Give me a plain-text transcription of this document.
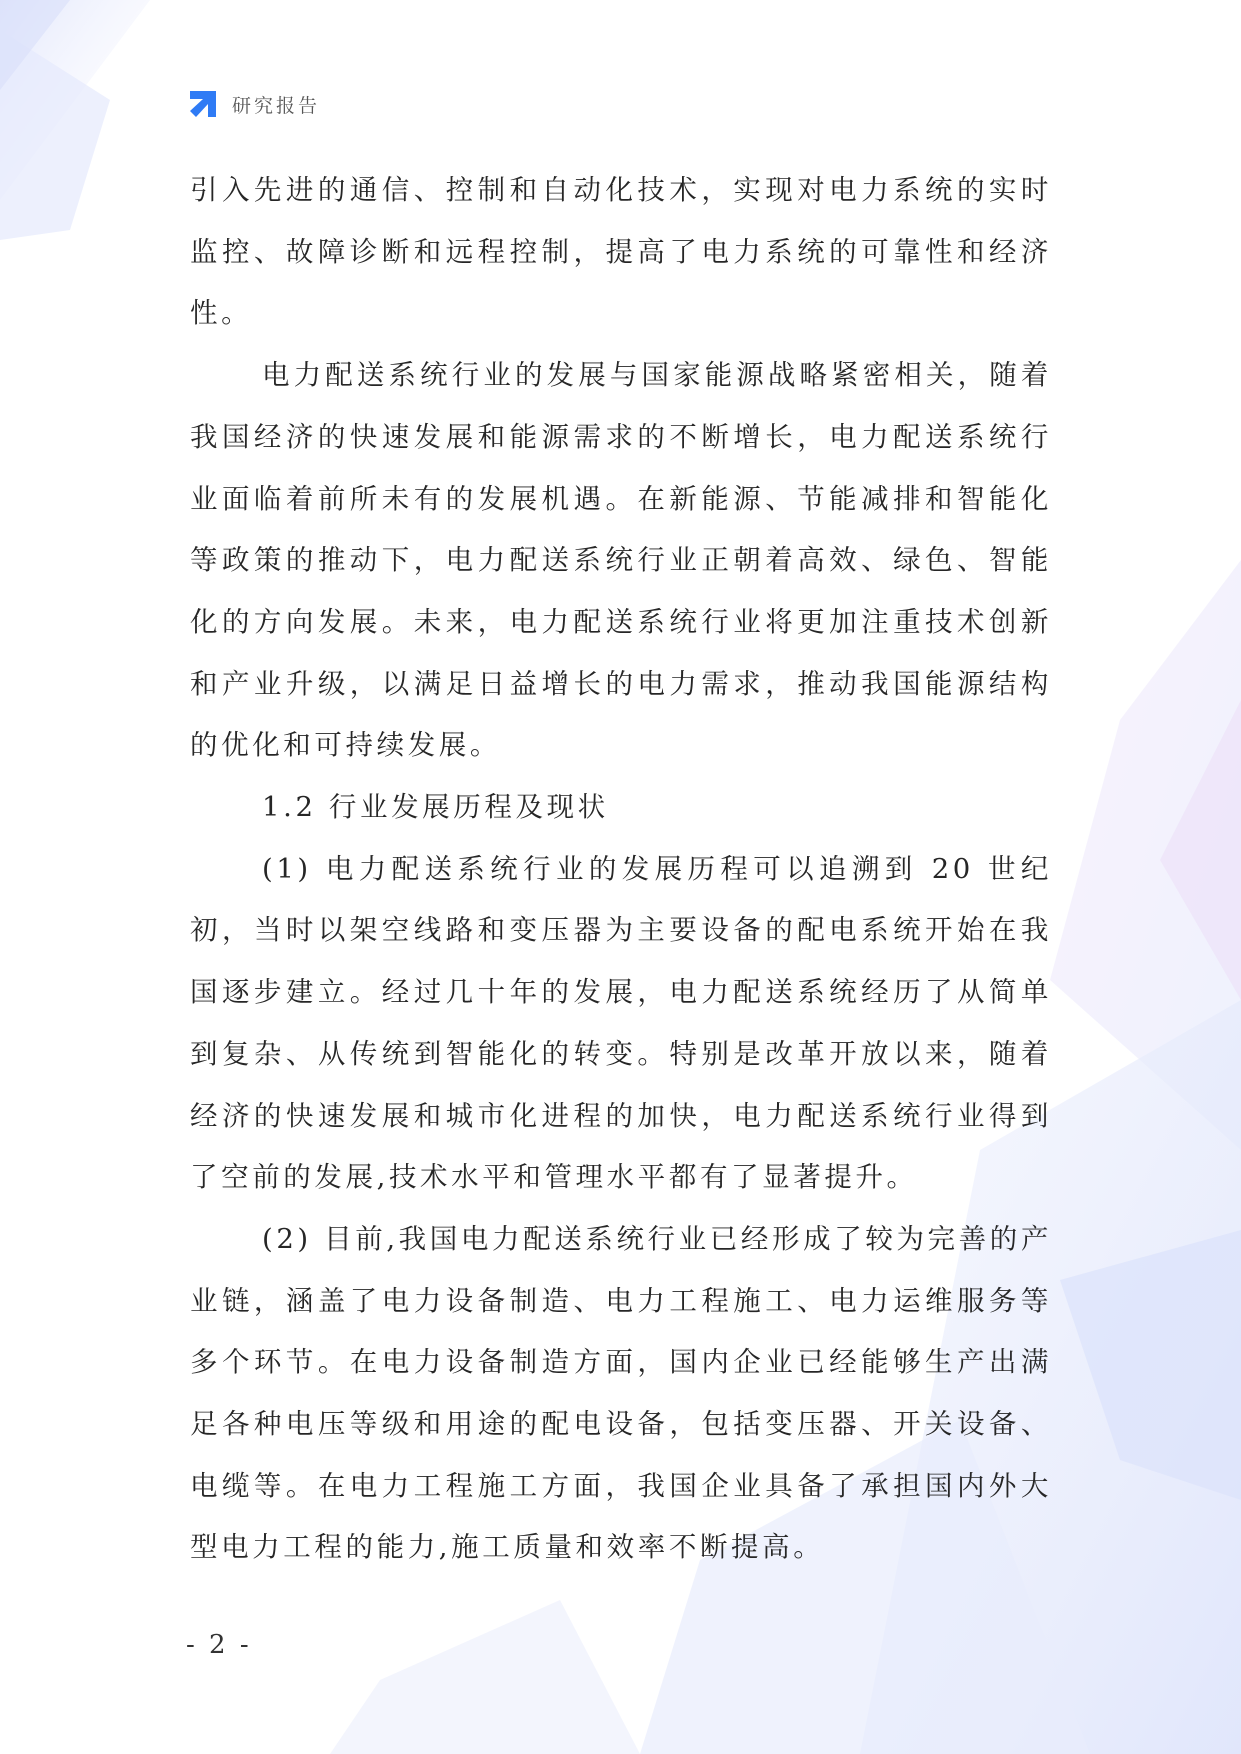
研究报告

引入先进的通信、控制和自动化技术，实现对电力系统的实时监控、故障诊断和远程控制，提高了电力系统的可靠性和经济性。

电力配送系统行业的发展与国家能源战略紧密相关，随着我国经济的快速发展和能源需求的不断增长，电力配送系统行业面临着前所未有的发展机遇。在新能源、节能减排和智能化等政策的推动下，电力配送系统行业正朝着高效、绿色、智能化的方向发展。未来，电力配送系统行业将更加注重技术创新和产业升级，以满足日益增长的电力需求，推动我国能源结构的优化和可持续发展。

1.2 行业发展历程及现状

(1) 电力配送系统行业的发展历程可以追溯到 20 世纪初，当时以架空线路和变压器为主要设备的配电系统开始在我国逐步建立。经过几十年的发展，电力配送系统经历了从简单到复杂、从传统到智能化的转变。特别是改革开放以来，随着经济的快速发展和城市化进程的加快，电力配送系统行业得到了空前的发展,技术水平和管理水平都有了显著提升。

(2) 目前,我国电力配送系统行业已经形成了较为完善的产业链，涵盖了电力设备制造、电力工程施工、电力运维服务等多个环节。在电力设备制造方面，国内企业已经能够生产出满足各种电压等级和用途的配电设备，包括变压器、开关设备、电缆等。在电力工程施工方面，我国企业具备了承担国内外大型电力工程的能力,施工质量和效率不断提高。

- 2 -
